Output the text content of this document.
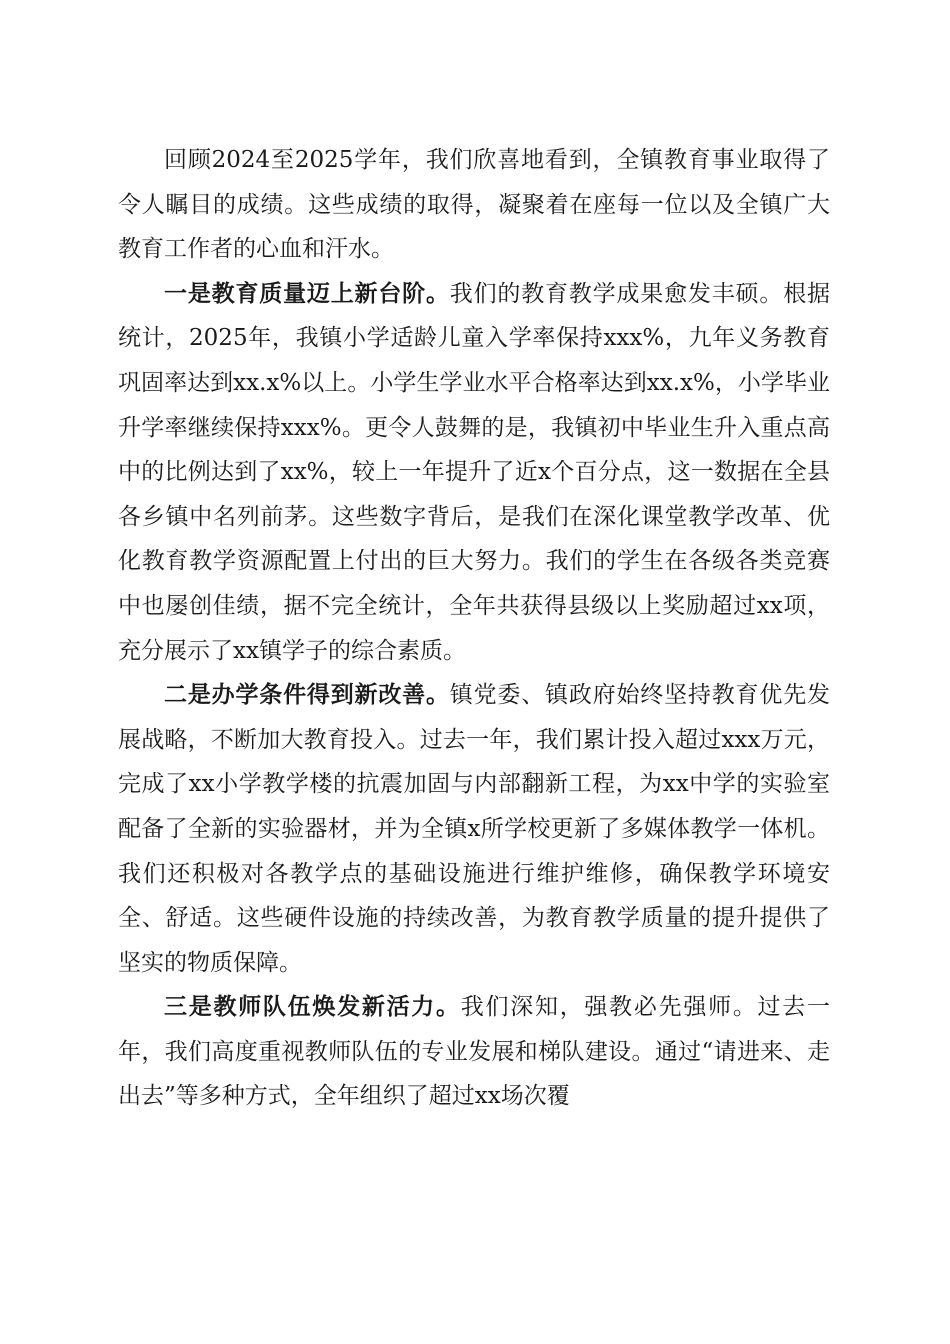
回顾2024至2025学年，我们欣喜地看到，全镇教育事业取得了令人瞩目的成绩。这些成绩的取得，凝聚着在座每一位以及全镇广大教育工作者的心血和汗水。

一是教育质量迈上新台阶。我们的教育教学成果愈发丰硕。根据统计，2025年，我镇小学适龄儿童入学率保持xxx%，九年义务教育巩固率达到xx.x%以上。小学生学业水平合格率达到xx.x%，小学毕业升学率继续保持xxx%。更令人鼓舞的是，我镇初中毕业生升入重点高中的比例达到了xx%，较上一年提升了近x个百分点，这一数据在全县各乡镇中名列前茅。这些数字背后，是我们在深化课堂教学改革、优化教育教学资源配置上付出的巨大努力。我们的学生在各级各类竞赛中也屡创佳绩，据不完全统计，全年共获得县级以上奖励超过xx项，充分展示了xx镇学子的综合素质。

二是办学条件得到新改善。镇党委、镇政府始终坚持教育优先发展战略，不断加大教育投入。过去一年，我们累计投入超过xxx万元，完成了xx小学教学楼的抗震加固与内部翻新工程，为xx中学的实验室配备了全新的实验器材，并为全镇x所学校更新了多媒体教学一体机。我们还积极对各教学点的基础设施进行维护维修，确保教学环境安全、舒适。这些硬件设施的持续改善，为教育教学质量的提升提供了坚实的物质保障。

三是教师队伍焕发新活力。我们深知，强教必先强师。过去一年，我们高度重视教师队伍的专业发展和梯队建设。通过“请进来、走出去”等多种方式，全年组织了超过xx场次覆
